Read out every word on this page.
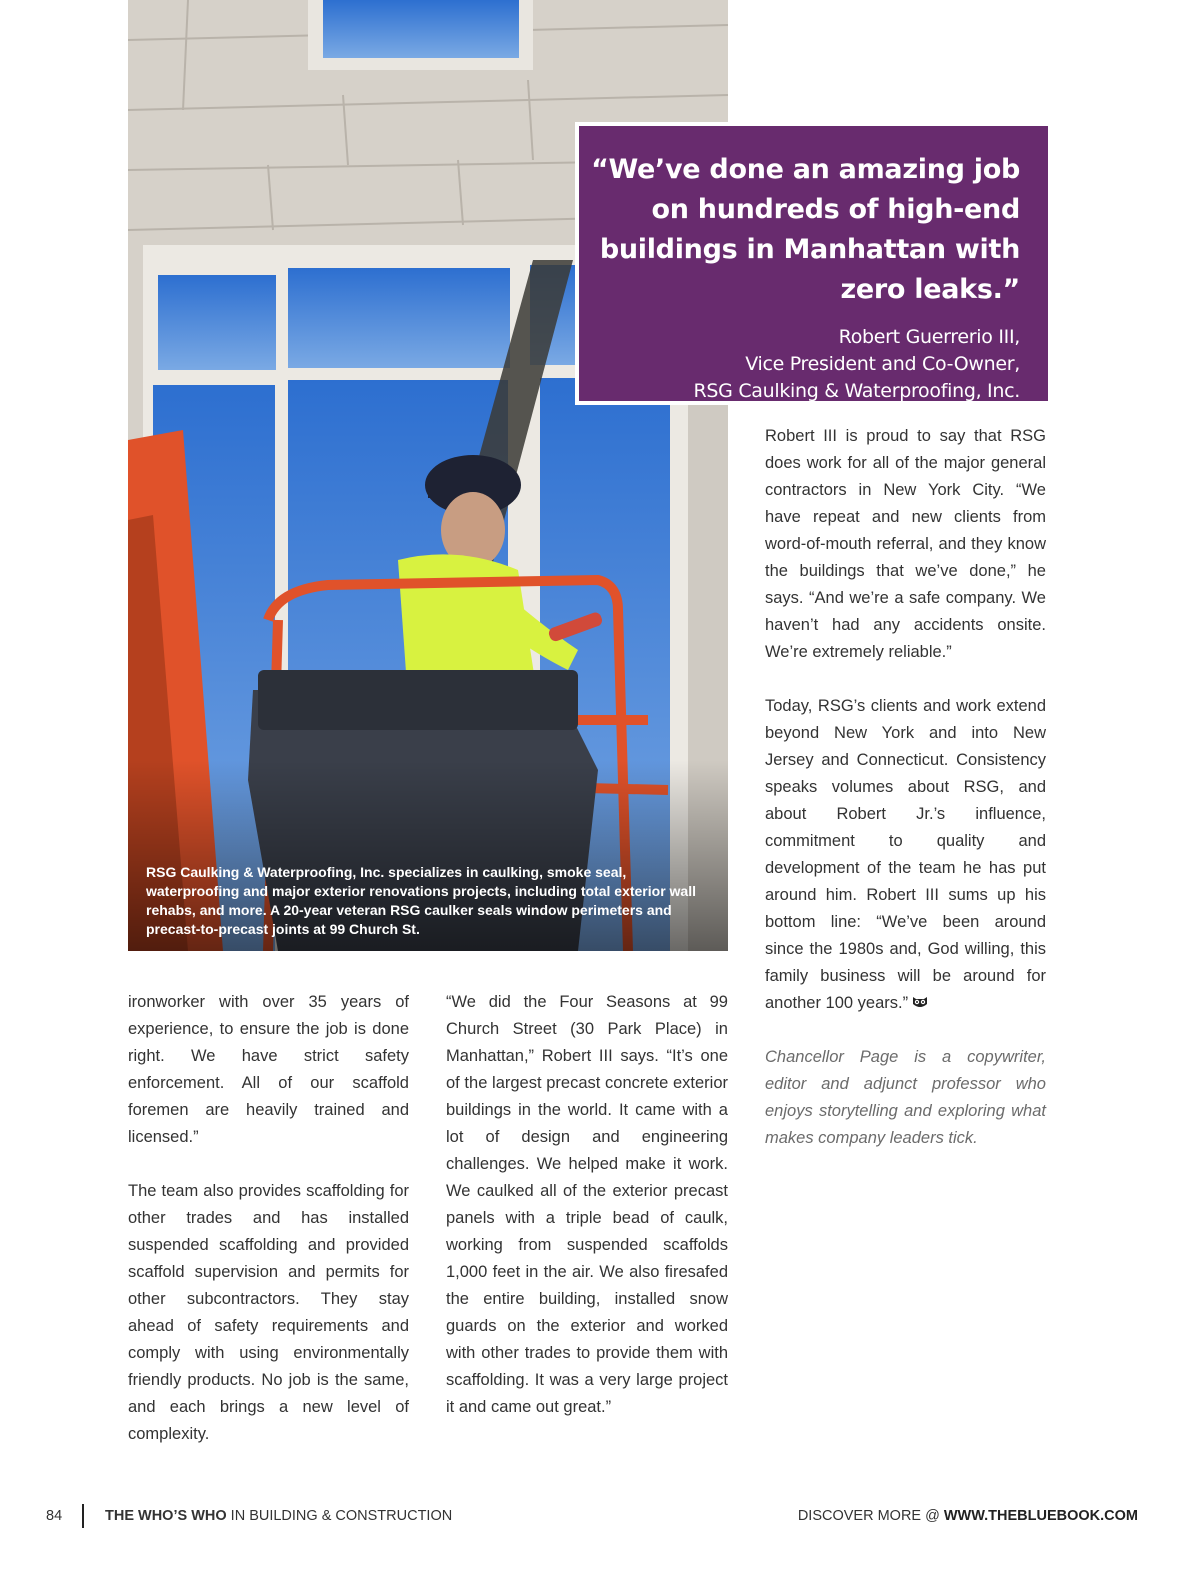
RSG Caulking & Waterproofing, Inc. specializes in caulking, smoke seal, waterproofing and major exterior renovations projects, including total exterior wall rehabs, and more. A 20-year veteran RSG caulker seals window perimeters and precast-to-precast joints at 99 Church St.
“We’ve done an amazing job on hundreds of high-end buildings in Manhattan with zero leaks.”
Robert Guerrerio III,
Vice President and Co-Owner,
RSG Caulking & Waterproofing, Inc.

ironworker with over 35 years of experience, to ensure the job is done right. We have strict safety enforcement. All of our scaffold foremen are heavily trained and licensed.”

The team also provides scaffolding for other trades and has installed suspended scaffolding and provided scaffold supervision and permits for other subcontractors. They stay ahead of safety requirements and comply with using environmentally friendly products. No job is the same, and each brings a new level of complexity.

“We did the Four Seasons at 99 Church Street (30 Park Place) in Manhattan,” Robert III says. “It’s one of the largest precast concrete exterior buildings in the world. It came with a lot of design and engineering challenges. We helped make it work. We caulked all of the exterior precast panels with a triple bead of caulk, working from suspended scaffolds 1,000 feet in the air. We also firesafed the entire building, installed snow guards on the exterior and worked with other trades to provide them with scaffolding. It was a very large project it and came out great.”

Robert III is proud to say that RSG does work for all of the major general contractors in New York City. “We have repeat and new clients from word-of-mouth referral, and they know the buildings that we’ve done,” he says. “And we’re a safe company. We haven’t had any accidents onsite. We’re extremely reliable.”

Today, RSG’s clients and work extend beyond New York and into New Jersey and Connecticut. Consistency speaks volumes about RSG, and about Robert Jr.’s influence, commitment to quality and development of the team he has put around him. Robert III sums up his bottom line: “We’ve been around since the 1980s and, God willing, this family business will be around for another 100 years.”

Chancellor Page is a copywriter, editor and adjunct professor who enjoys storytelling and exploring what makes company leaders tick.

84	THE WHO’S WHO IN BUILDING & CONSTRUCTION	DISCOVER MORE @ WWW.THEBLUEBOOK.COM
